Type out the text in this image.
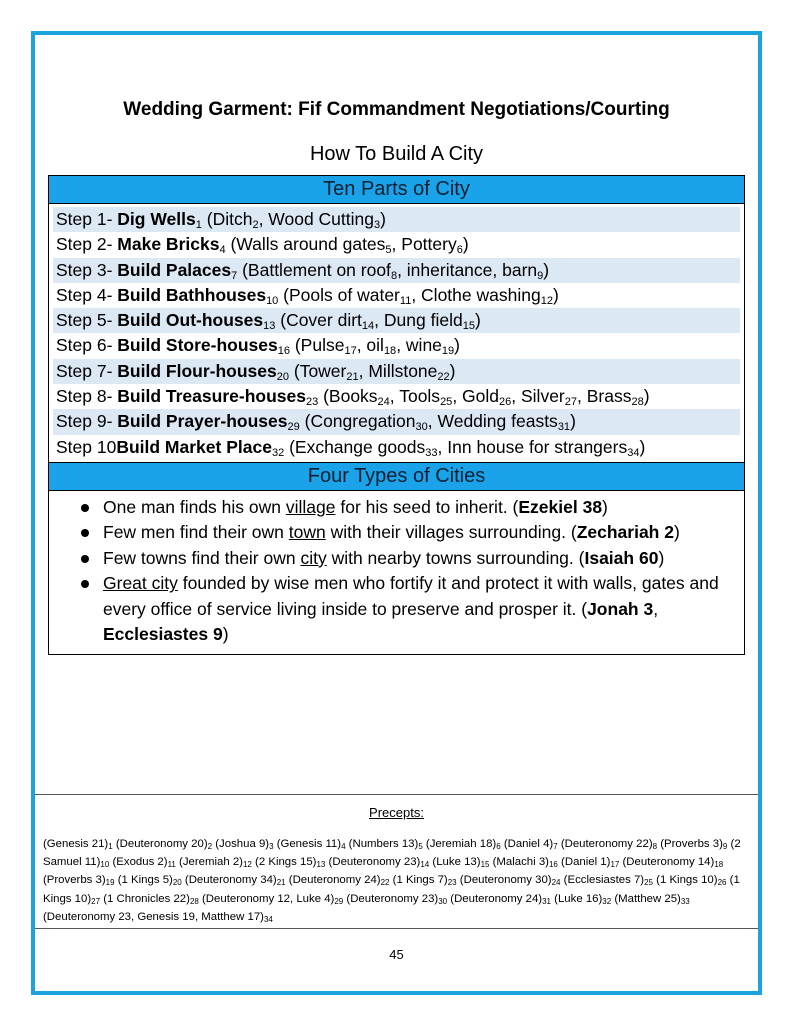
Wedding Garment: Fif Commandment Negotiations/Courting
How To Build A City
Ten Parts of City
Step 1- Dig Wells$_1$ (Ditch$_2$, Wood Cutting$_3$)
Step 2- Make Bricks$_4$ (Walls around gates$_5$, Pottery$_6$)
Step 3- Build Palaces$_7$ (Battlement on roof$_8$, inheritance, barn$_9$)
Step 4- Build Bathhouses$_{10}$ (Pools of water$_{11}$, Clothe washing$_{12}$)
Step 5- Build Out-houses$_{13}$ (Cover dirt$_{14}$, Dung field$_{15}$)
Step 6- Build Store-houses$_{16}$ (Pulse$_{17}$, oil$_{18}$, wine$_{19}$)
Step 7- Build Flour-houses$_{20}$ (Tower$_{21}$, Millstone$_{22}$)
Step 8- Build Treasure-houses$_{23}$ (Books$_{24}$, Tools$_{25}$, Gold$_{26}$, Silver$_{27}$, Brass$_{28}$)
Step 9- Build Prayer-houses$_{29}$ (Congregation$_{30}$, Wedding feasts$_{31}$)
Step 10Build Market Place$_{32}$ (Exchange goods$_{33}$, Inn house for strangers$_{34}$)
Four Types of Cities
One man finds his own village for his seed to inherit. (Ezekiel 38)
Few men find their own town with their villages surrounding. (Zechariah 2)
Few towns find their own city with nearby towns surrounding. (Isaiah 60)
Great city founded by wise men who fortify it and protect it with walls, gates and every office of service living inside to preserve and prosper it. (Jonah 3, Ecclesiastes 9)
Precepts:
(Genesis $21)_1$ (Deuteronomy $20)_2$ (Joshua $9)_3$ (Genesis $11)_4$ (Numbers $13)_5$ (Jeremiah $18)_6$ (Daniel $4)_7$ (Deuteronomy $22)_8$ (Proverbs $3)_9$ (2 Samuel $11)_{10}$ (Exodus $2)_{11}$ (Jeremiah $2)_{12}$ (2 Kings $15)_{13}$ (Deuteronomy $23)_{14}$ (Luke $13)_{15}$ (Malachi $3)_{16}$ (Daniel $1)_{17}$ (Deuteronomy $14)_{18}$ (Proverbs $3)_{19}$ (1 Kings $5)_{20}$ (Deuteronomy $34)_{21}$ (Deuteronomy $24)_{22}$ (1 Kings $7)_{23}$ (Deuteronomy $30)_{24}$ (Ecclesiastes $7)_{25}$ (1 Kings $10)_{26}$ (1 Kings $10)_{27}$ (1 Chronicles $22)_{28}$ (Deuteronomy 12, Luke $4)_{29}$ (Deuteronomy $23)_{30}$ (Deuteronomy $24)_{31}$ (Luke $16)_{32}$ (Matthew $25)_{33}$ (Deuteronomy 23, Genesis 19, Matthew $17)_{34}$
45
